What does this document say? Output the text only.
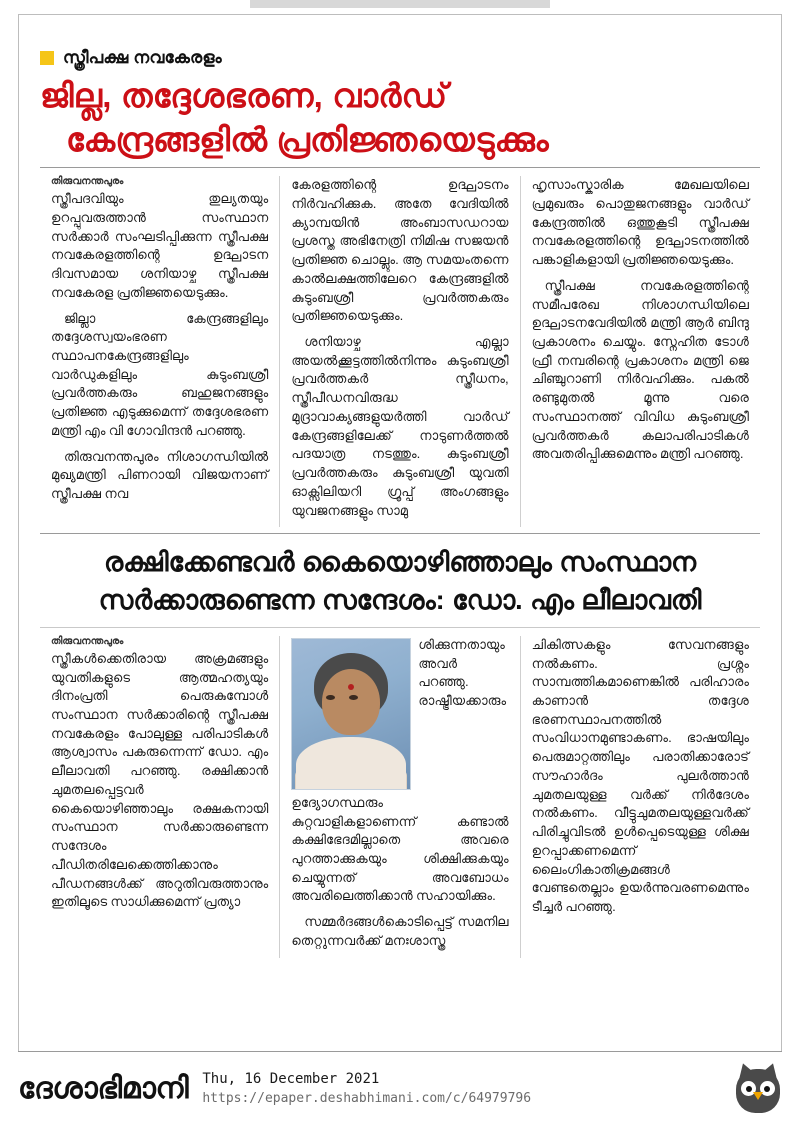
സ്ത്രീപക്ഷ നവകേരളം
ജില്ല, തദ്ദേശഭരണ, വാർഡ്
കേന്ദ്രങ്ങളിൽ പ്രതിജ്ഞയെടുക്കും
തിരുവനന്തപുരം

സ്ത്രീപദവിയും തുല്യതയും ഉറപ്പുവരുത്താൻ സംസ്ഥാന സർക്കാർ സംഘടിപ്പിക്കുന്ന സ്ത്രീപക്ഷ നവകേരളത്തിന്റെ ഉദ്ഘാടന ദിവസമായ ശനിയാഴ്ച സ്ത്രീപക്ഷ നവകേരള പ്രതിജ്ഞയെടുക്കും.

ജില്ലാ കേന്ദ്രങ്ങളിലും തദ്ദേശസ്വയംഭരണ സ്ഥാപനകേന്ദ്രങ്ങളിലും വാർഡുകളിലും കുടുംബശ്രീ പ്രവർത്തകരും ബഹുജനങ്ങളും പ്രതിജ്ഞ എടുക്കുമെന്ന് തദ്ദേശഭരണ മന്ത്രി എം വി ഗോവിന്ദൻ പറഞ്ഞു.

തിരുവനന്തപുരം നിശാഗന്ധിയിൽ മുഖ്യമന്ത്രി പിണറായി വിജയനാണ് സ്ത്രീപക്ഷ നവ

കേരളത്തിന്റെ ഉദ്ഘാടനം നിർവഹിക്കുക. അതേ വേദിയിൽ ക്യാമ്പയിൻ അംബാസഡറായ പ്രശസ്ത അഭിനേത്രി നിമിഷ സജയൻ പ്രതിജ്ഞ ചൊല്ലും. ആ സമയംതന്നെ കാൽലക്ഷത്തിലേറെ കേന്ദ്രങ്ങളിൽ കുടുംബശ്രീ പ്രവർത്തകരും പ്രതിജ്ഞയെടുക്കും.

ശനിയാഴ്ച എല്ലാ അയൽക്കൂട്ടത്തിൽനിന്നും കുടുംബശ്രീ പ്രവർത്തകർ സ്ത്രീധനം, സ്ത്രീപീഡനവിരുദ്ധ മുദ്രാവാക്യങ്ങളുയർത്തി വാർഡ് കേന്ദ്രങ്ങളിലേക്ക് നാടുണർത്തൽ പദയാത്ര നടത്തും. കുടുംബശ്രീ പ്രവർത്തകരും കുടുംബശ്രീ യുവതി ഓക്സിലിയറി ഗ്രൂപ്പ് അംഗങ്ങളും യുവജനങ്ങളും സാമു

ഹൃസാംസ്കാരിക മേഖലയിലെ പ്രമുഖരും പൊതുജനങ്ങളും വാർഡ് കേന്ദ്രത്തിൽ ഒത്തുകൂടി സ്ത്രീപക്ഷ നവകേരളത്തിന്റെ ഉദ്ഘാടനത്തിൽ പങ്കാളികളായി പ്രതിജ്ഞയെടുക്കും.

സ്ത്രീപക്ഷ നവകേരളത്തിന്റെ സമീപരേഖ നിശാഗന്ധിയിലെ ഉദ്ഘാടനവേദിയിൽ മന്ത്രി ആർ ബിന്ദു പ്രകാശനം ചെയ്യും. സ്നേഹിത ടോൾ ഫ്രീ നമ്പരിന്റെ പ്രകാശനം മന്ത്രി ജെ ചിഞ്ചുറാണി നിർവഹിക്കും. പകൽ രണ്ടുമുതൽ മൂന്നു വരെ സംസ്ഥാനത്ത് വിവിധ കുടുംബശ്രീ പ്രവർത്തകർ കലാപരിപാടികൾ അവതരിപ്പിക്കുമെന്നും മന്ത്രി പറഞ്ഞു.

രക്ഷിക്കേണ്ടവർ കൈയൊഴിഞ്ഞാലും സംസ്ഥാന
സർക്കാരുണ്ടെന്ന സന്ദേശം: ഡോ. എം ലീലാവതി
തിരുവനന്തപുരം

സ്ത്രീകൾക്കെതിരായ അക്രമങ്ങളും യുവതികളുടെ ആത്മഹത്യയും ദിനംപ്രതി പെരുകുമ്പോൾ സംസ്ഥാന സർക്കാരിന്റെ സ്ത്രീപക്ഷ നവകേരളം പോലുള്ള പരിപാടികൾ ആശ്വാസം പകരുന്നെന്ന് ഡോ. എം ലീലാവതി പറഞ്ഞു. രക്ഷിക്കാൻ ചുമതലപ്പെട്ടവർ കൈയൊഴിഞ്ഞാലും രക്ഷകനായി സംസ്ഥാന സർക്കാരുണ്ടെന്ന സന്ദേശം പീഡിതരിലേക്കെത്തിക്കാനും പീഡനങ്ങൾക്ക് അറുതിവരുത്താനും ഇതിലൂടെ സാധിക്കുമെന്ന് പ്രത്യാ

ശിക്കുന്നതായും അവർ പറഞ്ഞു. രാഷ്ട്രീയക്കാരും ഉദ്യോഗസ്ഥരും കുറ്റവാളികളാണെന്ന് കണ്ടാൽ കക്ഷിഭേദമില്ലാതെ അവരെ പുറത്താക്കുകയും ശിക്ഷിക്കുകയും ചെയ്യുന്നത് അവബോധം അവരിലെത്തിക്കാൻ സഹായിക്കും.

സമ്മർദങ്ങൾകൊടിപ്പെട്ട് സമനില തെറ്റുന്നവർക്ക് മനഃശാസ്ത്ര

ചികിത്സകളും സേവനങ്ങളും നൽകണം. പ്രശ്നം സാമ്പത്തികമാണെങ്കിൽ പരിഹാരം കാണാൻ തദ്ദേശ ഭരണസ്ഥാപനത്തിൽ സംവിധാനമുണ്ടാകണം. ഭാഷയിലും പെരുമാറ്റത്തിലും പരാതിക്കാരോട് സൗഹാർദം പുലർത്താൻ ചുമതലയുള്ള വർക്ക് നിർദേശം നൽകണം. വീട്ടുചുമതലയുള്ളവർക്ക് പിരിച്ചുവിടൽ ഉൾപ്പെടെയുള്ള ശിക്ഷ ഉറപ്പാക്കണമെന്ന് ലൈംഗികാതിക്രമങ്ങൾ വേണ്ടതെല്ലാം ഉയർന്നുവരണമെന്നും ടീച്ചർ പറഞ്ഞു.

ദേശാഭിമാനി Thu, 16 December 2021
https://epaper.deshabhimani.com/c/64979796
